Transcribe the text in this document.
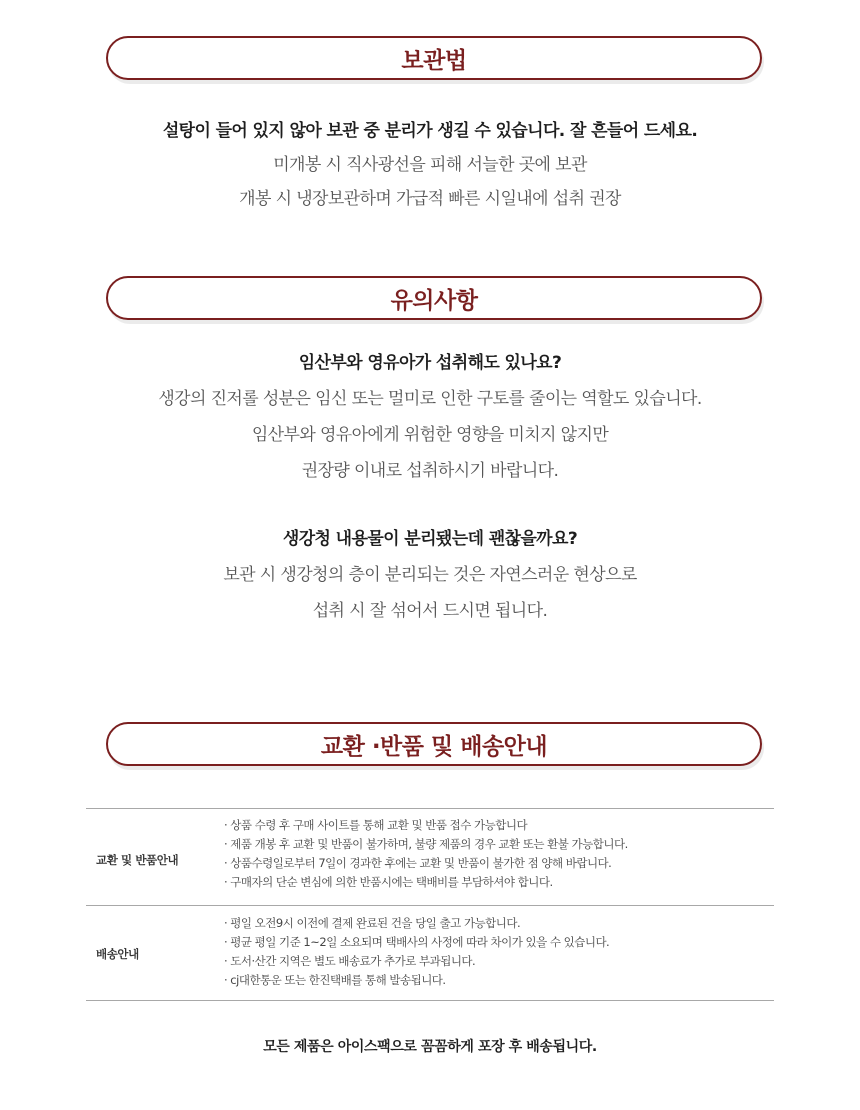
보관법
설탕이 들어 있지 않아 보관 중 분리가 생길 수 있습니다. 잘 흔들어 드세요.
미개봉 시 직사광선을 피해 서늘한 곳에 보관
개봉 시 냉장보관하며 가급적 빠른 시일내에 섭취 권장
유의사항
임산부와 영유아가 섭취해도 있나요?
생강의 진저롤 성분은 임신 또는 멀미로 인한 구토를 줄이는 역할도 있습니다.
임산부와 영유아에게 위험한 영향을 미치지 않지만
권장량 이내로 섭취하시기 바랍니다.
생강청 내용물이 분리됐는데 괜찮을까요?
보관 시 생강청의 층이 분리되는 것은 자연스러운 현상으로
섭취 시 잘 섞어서 드시면 됩니다.
교환 ·반품 및 배송안내
교환 및 반품안내
· 상품 수령 후 구매 사이트를 통해 교환 및 반품 접수 가능합니다
· 제품 개봉 후 교환 및 반품이 불가하며, 불량 제품의 경우 교환 또는 환불 가능합니다.
· 상품수령일로부터 7일이 경과한 후에는 교환 및 반품이 불가한 점 양해 바랍니다.
· 구매자의 단순 변심에 의한 반품시에는 택배비를 부담하셔야 합니다.
배송안내
· 평일 오전9시 이전에 결제 완료된 건을 당일 출고 가능합니다.
· 평균 평일 기준 1~2일 소요되며 택배사의 사정에 따라 차이가 있을 수 있습니다.
· 도서·산간 지역은 별도 배송료가 추가로 부과됩니다.
· cj대한통운 또는 한진택배를 통해 발송됩니다.
모든 제품은 아이스팩으로 꼼꼼하게 포장 후 배송됩니다.
